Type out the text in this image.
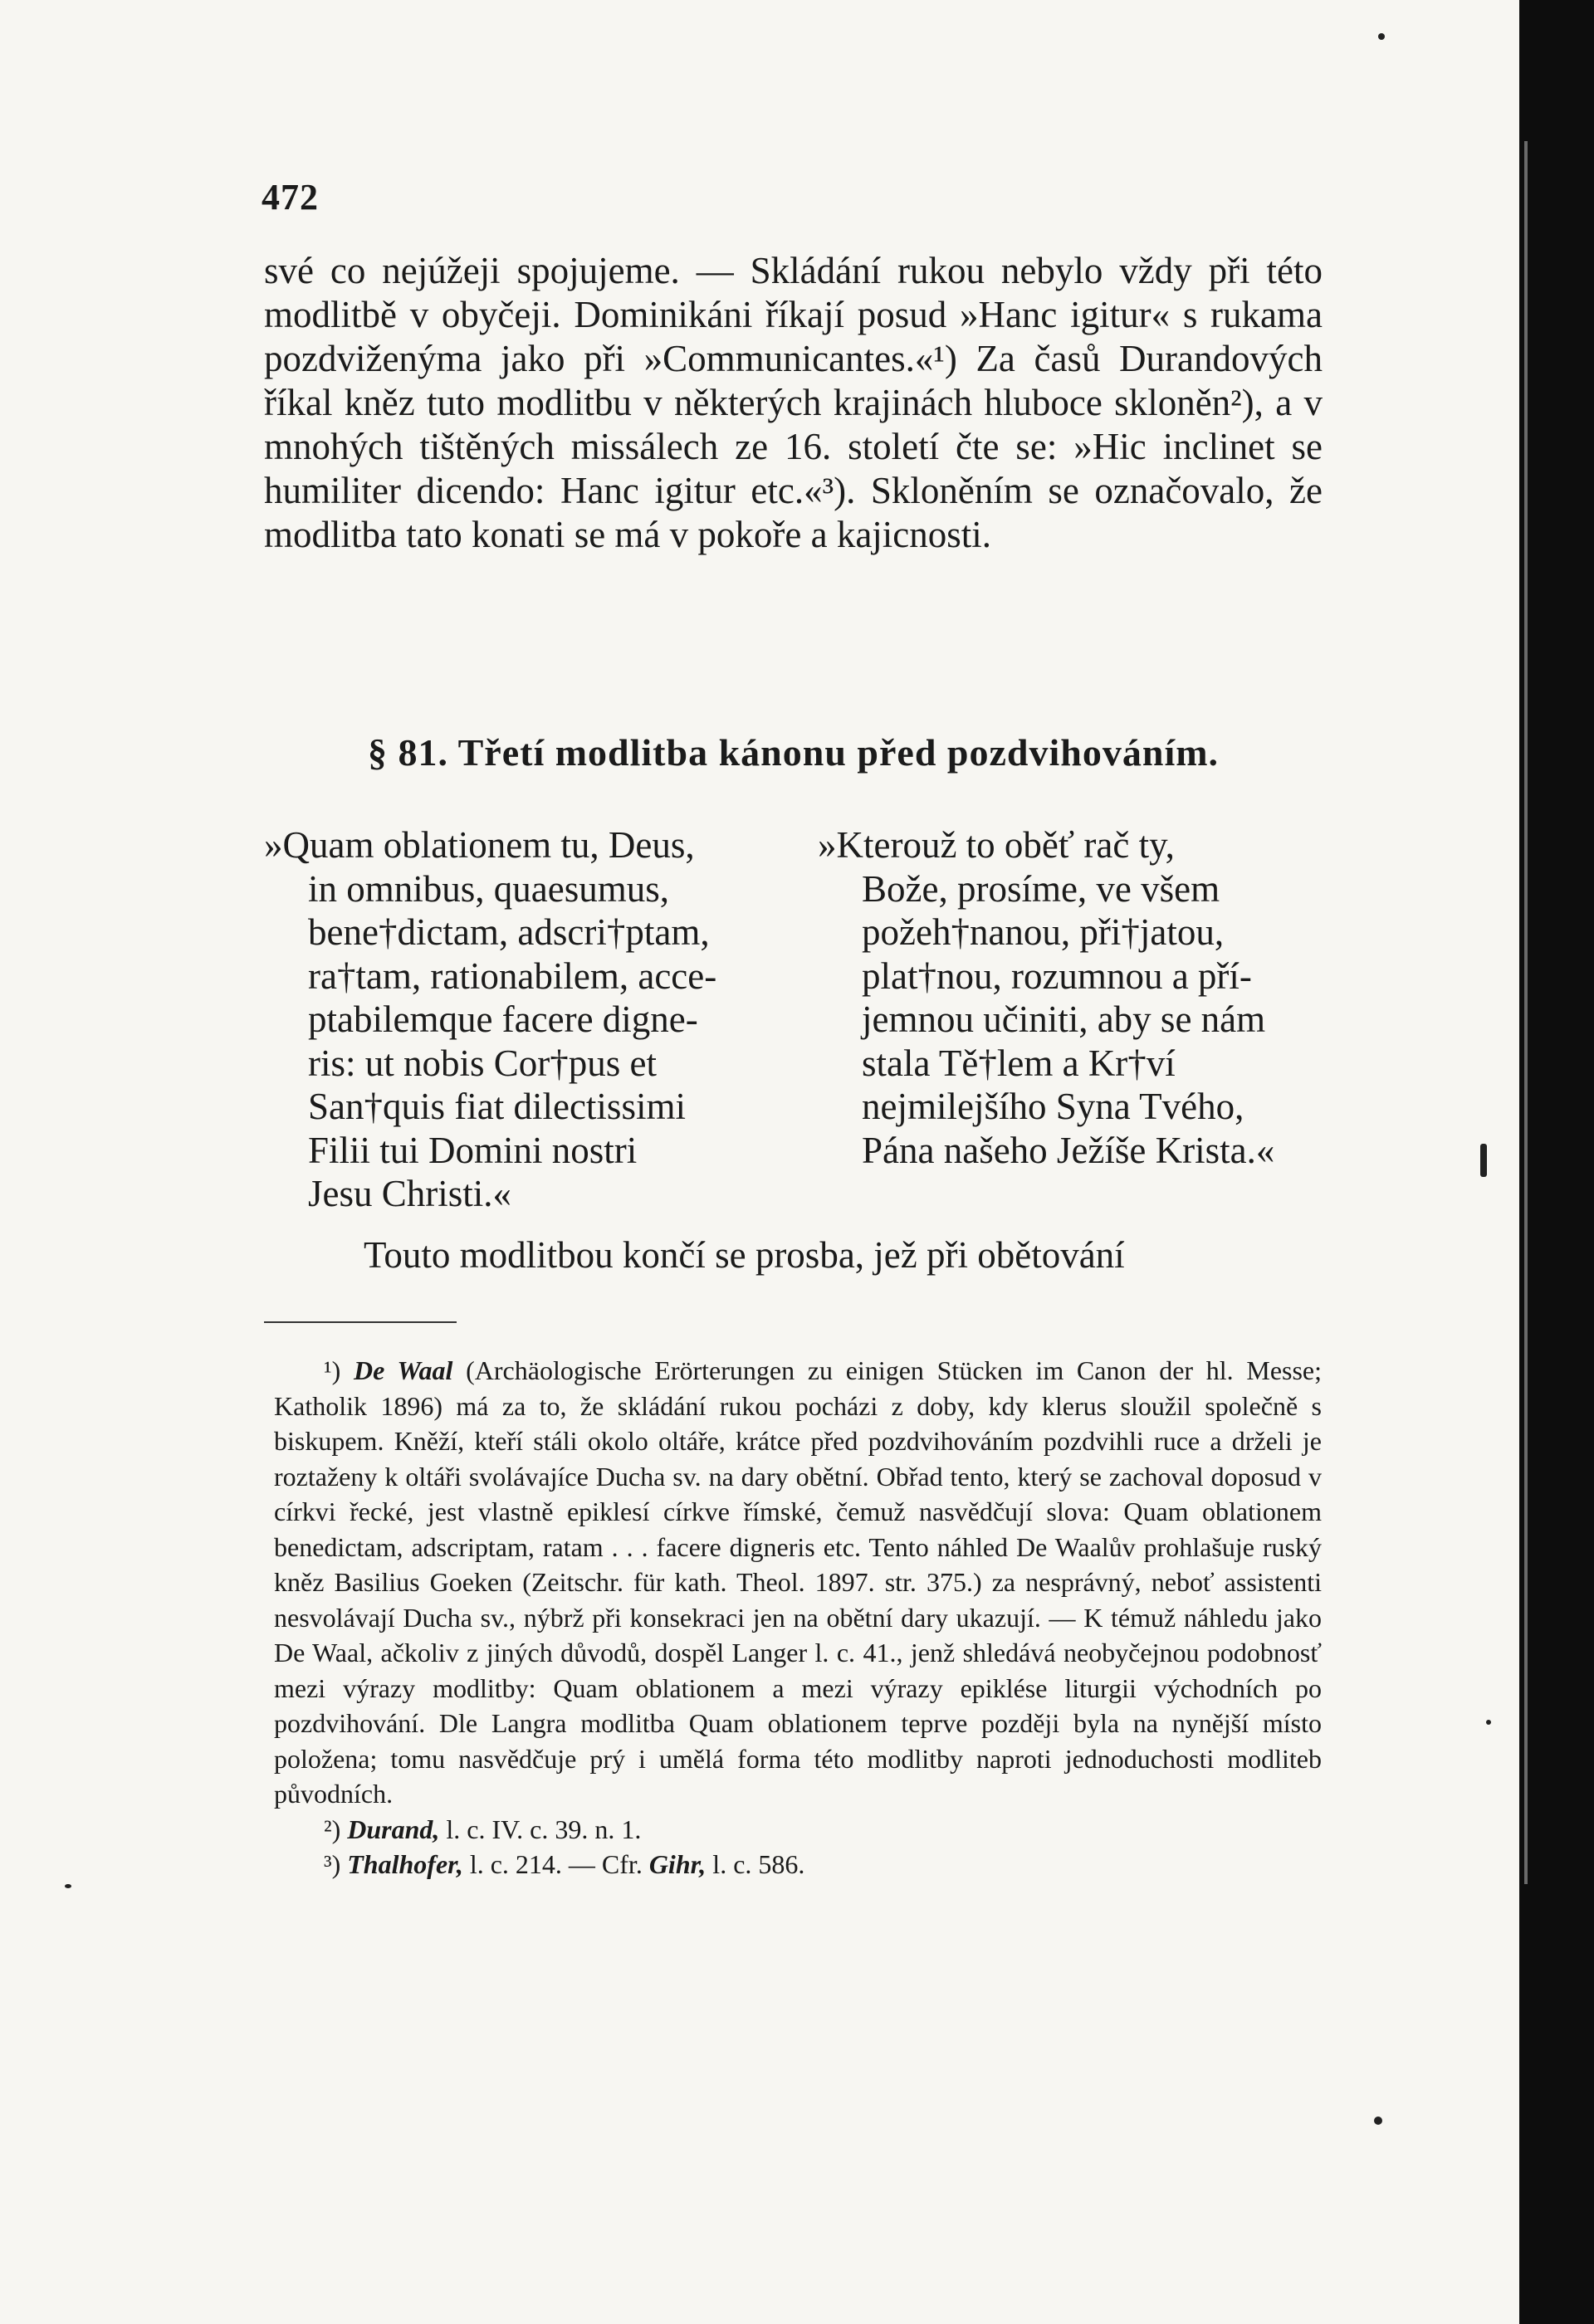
472

své co nejúžeji spojujeme. — Skládání rukou nebylo vždy při této modlitbě v obyčeji. Dominikáni říkají posud »Hanc igitur« s rukama pozdviženýma jako při »Communicantes.«¹) Za časů Durandových říkal kněz tuto modlitbu v některých krajinách hluboce skloněn²), a v mnohých tištěných missálech ze 16. století čte se: »Hic inclinet se humiliter dicendo: Hanc igitur etc.«³). Skloněním se označovalo, že modlitba tato konati se má v pokoře a kajicnosti.

§ 81. Třetí modlitba kánonu před pozdvihováním.
»Quam oblationem tu, Deus,
in omnibus, quaesumus,
bene†dictam, adscri†ptam,
ra†tam, rationabilem, acce-
ptabilemque facere digne-
ris: ut nobis Cor†pus et
San†quis fiat dilectissimi
Filii tui Domini nostri
Jesu Christi.«
»Kterouž to oběť rač ty,
Bože, prosíme, ve všem
požeh†nanou, při†jatou,
plat†nou, rozumnou a pří-
jemnou učiniti, aby se nám
stala Tě†lem a Kr†ví
nejmilejšího Syna Tvého,
Pána našeho Ježíše Krista.«
Touto modlitbou končí se prosba, jež při obětování

¹) De Waal (Archäologische Erörterungen zu einigen Stücken im Canon der hl. Messe; Katholik 1896) má za to, že skládání rukou pocházi z doby, kdy klerus sloužil společně s biskupem. Kněží, kteří stáli okolo oltáře, krátce před pozdvihováním pozdvihli ruce a drželi je roztaženy k oltáři svolávajíce Ducha sv. na dary obětní. Obřad tento, který se zachoval doposud v církvi řecké, jest vlastně epiklesí církve římské, čemuž nasvědčují slova: Quam oblationem benedictam, adscriptam, ratam . . . facere digneris etc. Tento náhled De Waalův prohlašuje ruský kněz Basilius Goeken (Zeitschr. für kath. Theol. 1897. str. 375.) za nesprávný, neboť assistenti nesvolávají Ducha sv., nýbrž při konsekraci jen na obětní dary ukazují. — K témuž náhledu jako De Waal, ačkoliv z jiných důvodů, dospěl Langer l. c. 41., jenž shledává neobyčejnou podobnosť mezi výrazy modlitby: Quam oblationem a mezi výrazy epiklése liturgii východních po pozdvihování. Dle Langra modlitba Quam oblationem teprve později byla na nynější místo položena; tomu nasvědčuje prý i umělá forma této modlitby naproti jednoduchosti modliteb původních.

²) Durand, l. c. IV. c. 39. n. 1.

³) Thalhofer, l. c. 214. — Cfr. Gihr, l. c. 586.
